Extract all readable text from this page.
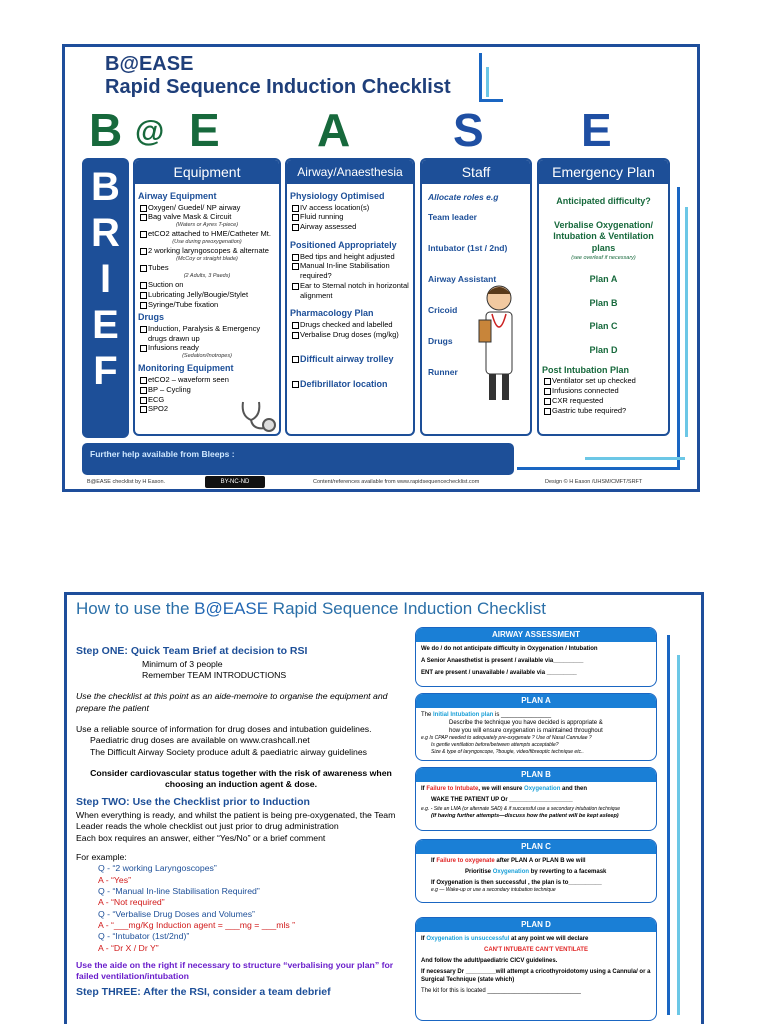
B@EASE
Rapid Sequence Induction Checklist
B @ E A S E
B
R
I
E
F
Equipment
Airway Equipment
Oxygen/ Guedel/ NP airway
Bag valve Mask & Circuit
(Waters or Ayres T-piece)
etCO2 attached to HME/Catheter Mt.
(Use during preoxygenation)
2 working laryngoscopes & alternate
(McCoy or straight blade)
Tubes
(2 Adults, 3 Paeds)
Suction on
Lubricating Jelly/Bougie/Stylet
Syringe/Tube fixation
Drugs
Induction, Paralysis & Emergency drugs drawn up
Infusions ready
(Sedation/Inotropes)
Monitoring Equipment
etCO2 – waveform seen
BP – Cycling
ECG
SPO2
Airway/Anaesthesia
Physiology Optimised
IV access location(s)
Fluid running
Airway assessed
Positioned Appropriately
Bed tips and height adjusted
Manual In-line Stabilisation required?
Ear to Sternal notch in horizontal alignment
Pharmacology Plan
Drugs checked and labelled
Verbalise Drug doses (mg/kg)
Difficult airway trolley
Defibrillator location
Staff
Allocate roles e.g
Team leader
Intubator (1st / 2nd)
Airway Assistant
Cricoid
Drugs
Runner
Emergency Plan
Anticipated difficulty?
Verbalise Oxygenation/ Intubation & Ventilation plans
(see overleaf if necessary)
Plan A
Plan B
Plan C
Plan D
Post Intubation Plan
Ventilator set up checked
Infusions connected
CXR requested
Gastric tube required?
Further help available from Bleeps :
B@EASE checklist by H Eason.	BY-NC-ND	Content/references available from www.rapidsequencechecklist.com	Design © H Eason /UHSM/CMFT/SRFT
How to use the B@EASE Rapid Sequence Induction Checklist
Step ONE: Quick Team Brief at decision to RSI
Minimum of 3 people
Remember TEAM INTRODUCTIONS
Use the checklist at this point as an aide-memoire to organise the equipment and prepare the patient
Use a reliable source of information for drug doses and intubation guidelines.
Paediatric drug doses are available on www.crashcall.net
The Difficult Airway Society produce adult & paediatric airway guidelines
Consider cardiovascular status together with the risk of awareness when choosing an induction agent & dose.
Step TWO: Use the Checklist prior to Induction
When everything is ready, and whilst the patient is being pre-oxygenated, the Team Leader reads the whole checklist out just prior to drug administration
Each box requires an answer, either “Yes/No” or a brief comment
For example:
Q - “2 working Laryngoscopes”
A - “Yes”
Q - “Manual In-line Stabilisation Required”
A - “Not required”
Q - “Verbalise Drug Doses and Volumes”
A - “___mg/Kg Induction agent = ___mg = ___mls ”
Q - “Intubator (1st/2nd)”
A - “Dr X / Dr Y”
Use the aide on the right if necessary to structure “verbalising your plan” for failed ventilation/intubation
Step THREE: After the RSI, consider a team debrief
AIRWAY ASSESSMENT
We do / do not anticipate difficulty in Oxygenation / Intubation
A Senior Anaesthetist is present / available via_________
ENT are present / unavailable / available via _________
PLAN A
The Initial Intubation plan is _______________
Describe the technique you have decided is appropriate &
how you will ensure oxygenation is maintained throughout
e.g Is CPAP needed to adequately pre-oxygenate ? Use of Nasal Cannulae ?
Is gentle ventilation before/between attempts acceptable?
Size & type of laryngoscope, ?bougie, video/fibreoptic technique etc..
PLAN B
If Failure to Intubate, we will ensure Oxygenation and then
WAKE THE PATIENT UP Or ___________________
e.g. - Site an LMA (or alternate SAD) & if successful use a secondary intubation technique
(If having further attempts—discuss how the patient will be kept asleep)
PLAN C
If Failure to oxygenate after PLAN A or PLAN B we will
Prioritise Oxygenation by reverting to a facemask
If Oxygenation is then successful , the plan is to__________
e.g — Wake-up or use a secondary intubation technique
PLAN D
If Oxygenation is unsuccessful at any point we will declare
CAN'T INTUBATE CAN'T VENTILATE
And follow the adult/paediatric CICV guidelines.
If necessary Dr _________will attempt a cricothyroidotomy using a Cannula/ or a Surgical Technique (state which)
The kit for this is located ____________________________
